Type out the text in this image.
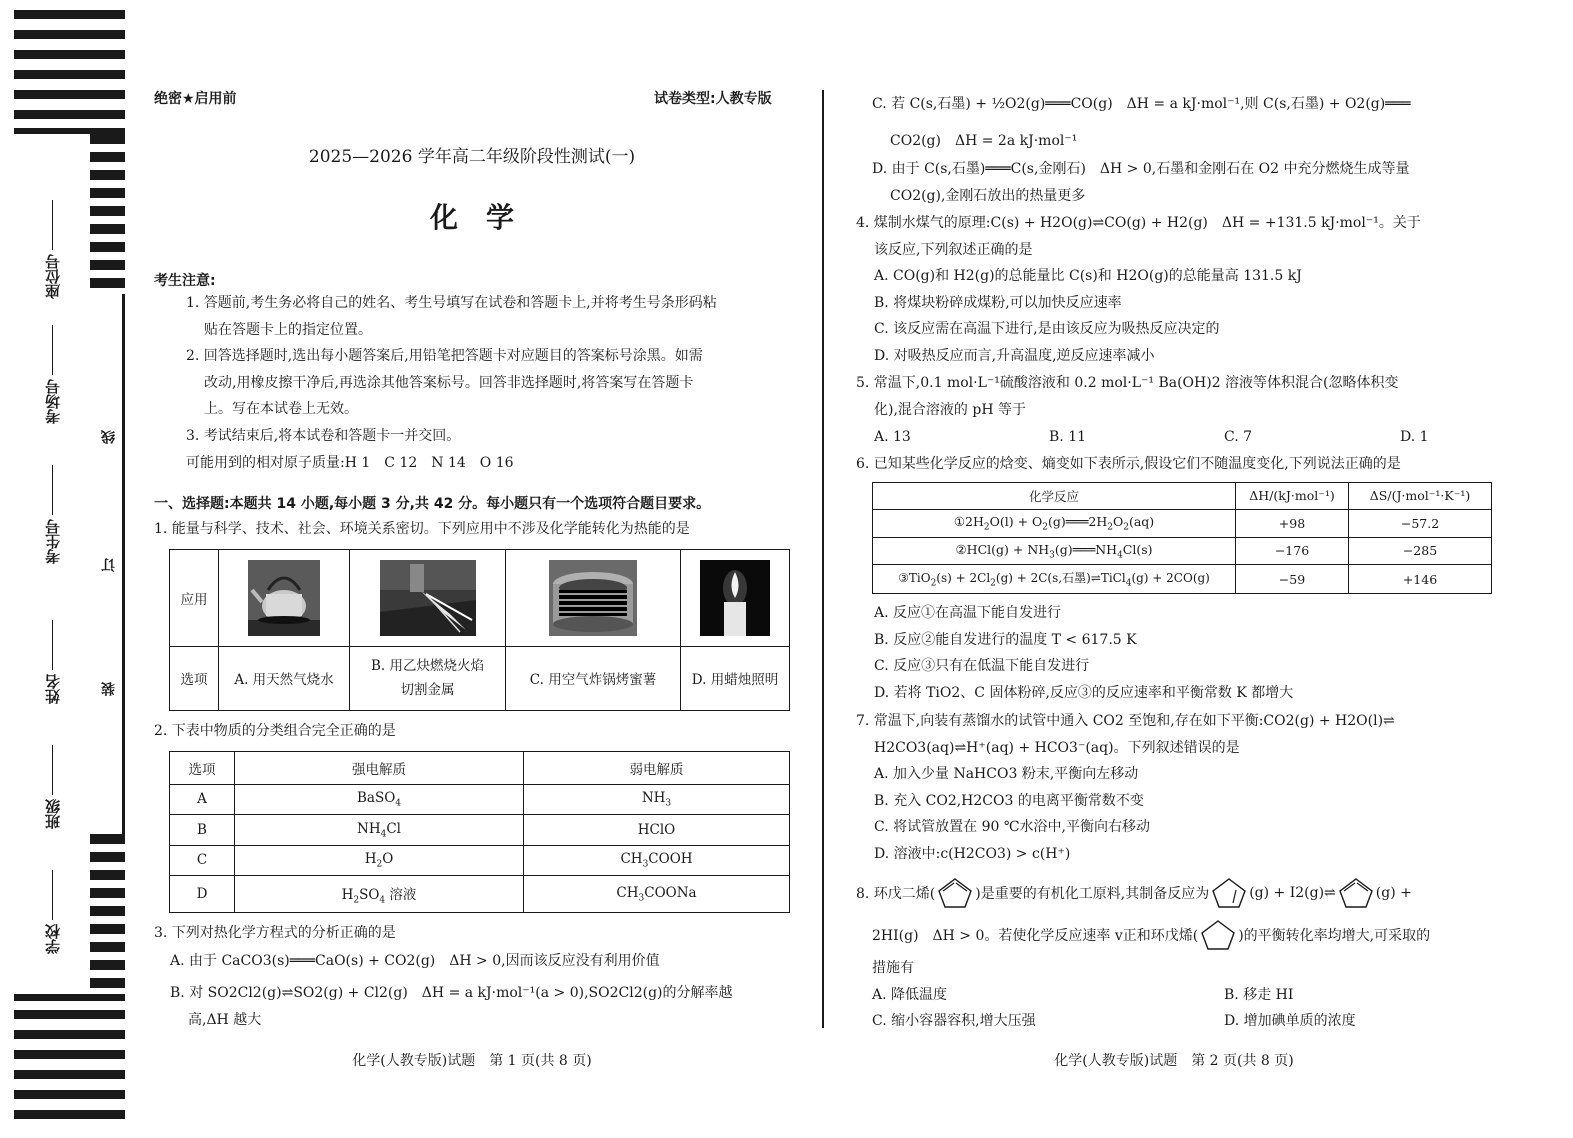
座位号
考场号
考生号
姓名
班级
学校
线
订
装
绝密★启用前	试卷类型:人教专版
2025—2026 学年高二年级阶段性测试(一)
化　学
考生注意:
1. 答题前,考生务必将自己的姓名、考生号填写在试卷和答题卡上,并将考生号条形码粘
贴在答题卡上的指定位置。
2. 回答选择题时,选出每小题答案后,用铅笔把答题卡对应题目的答案标号涂黑。如需
改动,用橡皮擦干净后,再选涂其他答案标号。回答非选择题时,将答案写在答题卡
上。写在本试卷上无效。
3. 考试结束后,将本试卷和答题卡一并交回。
可能用到的相对原子质量:H 1　C 12　N 14　O 16
一、选择题:本题共 14 小题,每小题 3 分,共 42 分。每小题只有一个选项符合题目要求。
1. 能量与科学、技术、社会、环境关系密切。下列应用中不涉及化学能转化为热能的是
应用	

选项	A. 用天然气烧水	B. 用乙炔燃烧火焰
切割金属	C. 用空气炸锅烤蜜薯	D. 用蜡烛照明
2. 下表中物质的分类组合完全正确的是
选项	强电解质	弱电解质
A	BaSO$_4$	$NH_3$
B	$NH_4Cl$	HClO
C	$H_2O$	$CH_3COOH$
D	$H_2SO_4$ 溶液	$CH_3COONa$
3. 下列对热化学方程式的分析正确的是
A. 由于 CaCO3(s)═══CaO(s) + CO2(g)　ΔH > 0,因而该反应没有利用价值
B. 对 SO2Cl2(g)⇌SO2(g) + Cl2(g)　ΔH = a kJ·mol⁻¹(a > 0),SO2Cl2(g)的分解率越
高,ΔH 越大
化学(人教专版)试题　第 1 页(共 8 页)
C. 若 C(s,石墨) + ½O2(g)═══CO(g)　ΔH = a kJ·mol⁻¹,则 C(s,石墨) + O2(g)═══
CO2(g)　ΔH = 2a kJ·mol⁻¹
D. 由于 C(s,石墨)═══C(s,金刚石)　ΔH > 0,石墨和金刚石在 O2 中充分燃烧生成等量
CO2(g),金刚石放出的热量更多
4. 煤制水煤气的原理:C(s) + H2O(g)⇌CO(g) + H2(g)　ΔH = +131.5 kJ·mol⁻¹。关于
该反应,下列叙述正确的是
A. CO(g)和 H2(g)的总能量比 C(s)和 H2O(g)的总能量高 131.5 kJ
B. 将煤块粉碎成煤粉,可以加快反应速率
C. 该反应需在高温下进行,是由该反应为吸热反应决定的
D. 对吸热反应而言,升高温度,逆反应速率减小
5. 常温下,0.1 mol·L⁻¹硫酸溶液和 0.2 mol·L⁻¹ Ba(OH)2 溶液等体积混合(忽略体积变
化),混合溶液的 pH 等于
A. 13	B. 11	C. 7	D. 1
6. 已知某些化学反应的焓变、熵变如下表所示,假设它们不随温度变化,下列说法正确的是
化学反应	ΔH/(kJ·mol⁻¹)	ΔS/(J·mol⁻¹·K⁻¹)
$①2H_2O(l)$ + $O_2(g)═══2H_2O_2(aq)$	+98	−57.2
②HCl(g) + $NH_3(g)═══NH_4Cl(s)$	−176	−285
③TiO$_2$(s) + $2Cl_2(g) + 2C(s$,石墨)⇌TiCl$_4$(g) + 2CO(g)	−59	+146
A. 反应①在高温下能自发进行
B. 反应②能自发进行的温度 T < 617.5 K
C. 反应③只有在低温下能自发进行
D. 若将 TiO2、C 固体粉碎,反应③的反应速率和平衡常数 K 都增大
7. 常温下,向装有蒸馏水的试管中通入 CO2 至饱和,存在如下平衡:CO2(g) + H2O(l)⇌
H2CO3(aq)⇌H⁺(aq) + HCO3⁻(aq)。下列叙述错误的是
A. 加入少量 NaHCO3 粉末,平衡向左移动
B. 充入 CO2,H2CO3 的电离平衡常数不变
C. 将试管放置在 90 ℃水浴中,平衡向右移动
D. 溶液中:c(H2CO3) > c(H⁺)
8. 环戊二烯(	)是重要的有机化工原料,其制备反应为	(g) + I2(g)⇌	(g) +
2HI(g)　ΔH > 0。若使化学反应速率 v正和环戊烯(	)的平衡转化率均增大,可采取的
措施有
A. 降低温度	B. 移走 HI
C. 缩小容器容积,增大压强	D. 增加碘单质的浓度
化学(人教专版)试题　第 2 页(共 8 页)
